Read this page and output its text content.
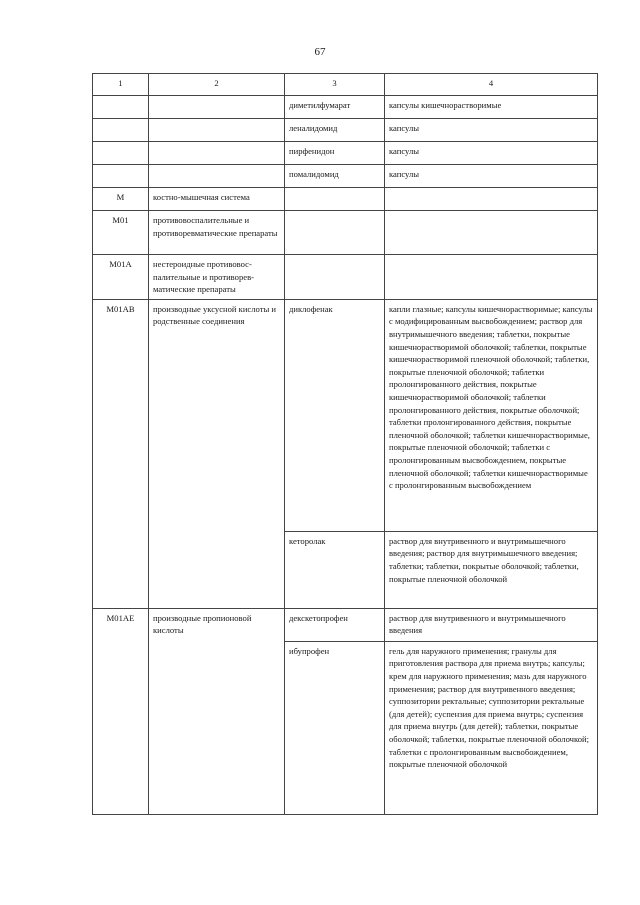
67
1	2	3	4
		диметилфумарат	капсулы кишечнорастворимые
		леналидомид	капсулы
		пирфенидон	капсулы
		помалидомид	капсулы
M	костно-мышечная система		
M01	противовоспалительные и противоревматические препараты		
M01A	нестероидные противовос-палительные и противорев-матические препараты		
M01AB	производные уксусной кислоты и родственные соединения	диклофенак	капли глазные; капсулы кишечнорастворимые; капсулы с модифицированным высвобождением; раствор для внутримышечного введения; таблетки, покрытые кишечнорастворимой оболочкой; таблетки, покрытые кишечнорастворимой пленочной оболочкой; таблетки, покрытые пленочной оболочкой; таблетки пролонгированного действия, покрытые кишечнорастворимой оболочкой; таблетки пролонгированного действия, покрытые оболочкой; таблетки пролонгированного действия, покрытые пленочной оболочкой; таблетки кишечнорастворимые, покрытые пленочной оболочкой; таблетки с пролонгированным высвобождением, покрытые пленочной оболочкой; таблетки кишечнорастворимые с пролонгированным высвобождением
		кеторолак	раствор для внутривенного и внутримышечного введения; раствор для внутримышечного введения; таблетки; таблетки, покрытые оболочкой; таблетки, покрытые пленочной оболочкой
M01AE	производные пропионовой кислоты	декскетопрофен	раствор для внутривенного и внутримышечного введения
		ибупрофен	гель для наружного применения; гранулы для приготовления раствора для приема внутрь; капсулы; крем для наружного применения; мазь для наружного применения; раствор для внутривенного введения; суппозитории ректальные; суппозитории ректальные (для детей); суспензия для приема внутрь; суспензия для приема внутрь (для детей); таблетки, покрытые оболочкой; таблетки, покрытые пленочной оболочкой; таблетки с пролонгированным высвобождением, покрытые пленочной оболочкой
